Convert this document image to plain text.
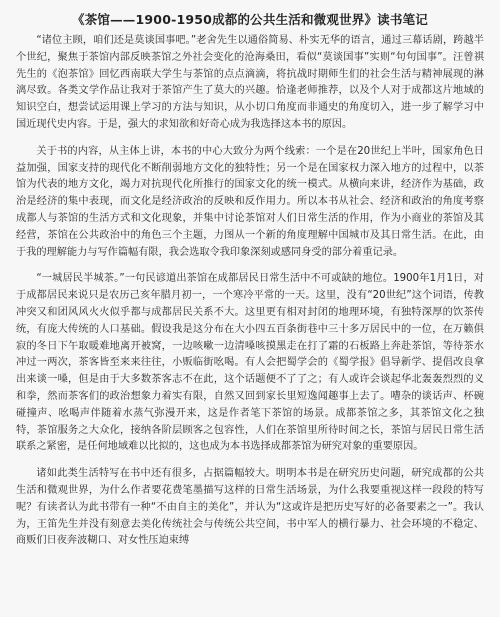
《茶馆——1900-1950成都的公共生活和微观世界》读书笔记

“诸位主顾，咱们还是莫谈国事吧。”老舍先生以通俗简易、朴实无华的语言，通过三幕话剧，跨越半个世纪，聚焦于茶馆内部反映茶馆之外社会变化的沧海桑田，看似“莫谈国事”实则“句句国事”。汪曾祺先生的《泡茶馆》回忆西南联大学生与茶馆的点点滴滴，将抗战时期师生们的社会生活与精神展现的淋漓尽致。各类文学作品让我对于茶馆产生了莫大的兴趣。恰逢老师推荐，以及个人对于成都这片地域的知识空白，想尝试运用课上学习的方法与知识，从小切口角度而非通史的角度切入，进一步了解学习中国近现代史内容。于是，强大的求知欲和好奇心成为我选择这本书的原因。

关于书的内容，从主体上讲，本书的中心大致分为两个线索：一个是在20世纪上半叶，国家角色日益加强，国家支持的现代化不断削弱地方文化的独特性；另一个是在国家权力深入地方的过程中，以茶馆为代表的地方文化，竭力对抗现代化所推行的国家文化的统一模式。从横向来讲，经济作为基础，政治是经济的集中表现，而文化是经济政治的反映和反作用力。所以本书从社会、经济和政治的角度考察成都人与茶馆的生活方式和文化现象，并集中讨论茶馆对人们日常生活的作用，作为小商业的茶馆及其经营，茶馆在公共政治中的角色三个主题，力图从一个新的角度理解中国城市及其日常生活。在此，由于我的理解能力与写作篇幅有限，我会选取令我印象深刻或感同身受的部分着重记录。

“一城居民半城茶。”一句民谚道出茶馆在成都居民日常生活中不可或缺的地位。1900年1月1日，对于成都居民来说只是农历己亥年腊月初一，一个寒冷平常的一天。这里，没有“20世纪”这个词语，传教冲突又和团风风火火似乎都与成都居民关系不大。这里更有相对封闭的地理环境，有独特深厚的饮茶传统，有庞大传统的人口基础。假设我是这分布在大小四五百条街巷中三十多万居民中的一位，在万籁俱寂的冬日下午取暖难地离开被窝，一边咳嗽一边清嗓咳摸黑走在打了霜的石板路上奔赴茶馆，等待茶水冲过一两次，茶客皆至来来往往，小贩临街吆喝。有人会把蜀学会的《蜀学报》倡导新学、提倡改良拿出来谈一嗓，但是由于大多数茶客志不在此，这个话题便不了了之；有人或许会谈起华北轰轰烈烈的义和拳，然而茶客们的政治想象力着实有限，自然又回到家长里短逸闻趣事上去了。嘈杂的谈话声、杯碗碰撞声、吆喝声伴随着水蒸气弥漫开来，这是作者笔下茶馆的场景。成都茶馆之多，其茶馆文化之独特，茶馆服务之大众化，接纳各阶层顾客之包容性，人们在茶馆里所待时间之长，茶馆与居民日常生活联系之紧密，是任何地域难以比拟的，这也成为本书选择成都茶馆为研究对象的重要原因。

诸如此类生活特写在书中还有很多，占据篇幅较大。明明本书是在研究历史问题，研究成都的公共生活和微观世界，为什么作者要花费笔墨描写这样的日常生活场景，为什么我要重视这样一段段的特写呢？有读者认为此书带有一种“不由自主的美化”，并认为“这或许是把历史写好的必备要素之一”。我认为，王笛先生并没有刻意去美化传统社会与传统公共空间，书中军人的横行暴力、社会环境的不稳定、商贩们日夜奔波糊口、对女性压迫束缚
